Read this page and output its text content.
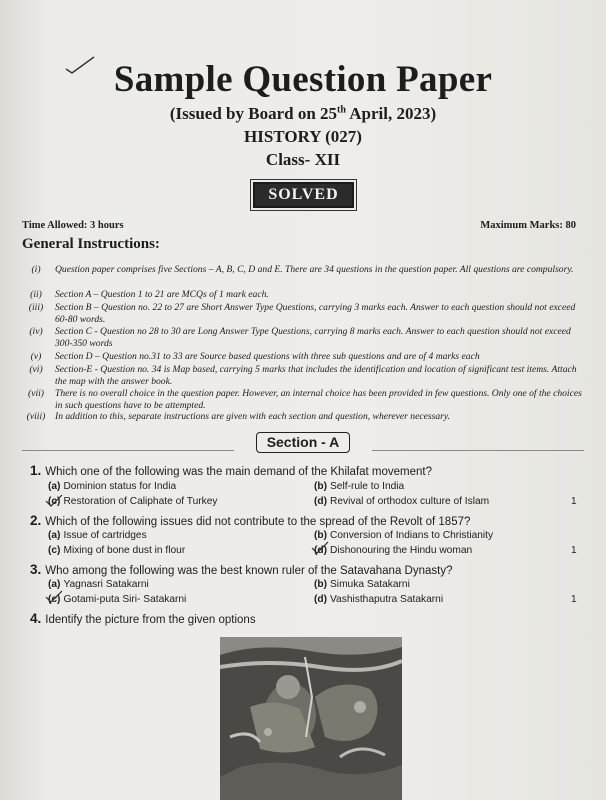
Sample Question Paper
(Issued by Board on 25th April, 2023)
HISTORY (027)
Class- XII
SOLVED
Time Allowed: 3 hours	Maximum Marks: 80
General Instructions:
(i)	Question paper comprises five Sections – A, B, C, D and E. There are 34 questions in the question paper. All questions are compulsory.
(ii)	Section A – Question 1 to 21 are MCQs of 1 mark each.
(iii)	Section B – Question no. 22 to 27 are Short Answer Type Questions, carrying 3 marks each. Answer to each question should not exceed 60-80 words.
(iv)	Section C - Question no 28 to 30 are Long Answer Type Questions, carrying 8 marks each. Answer to each question should not exceed 300-350 words
(v)	Section D – Question no.31 to 33 are Source based questions with three sub questions and are of 4 marks each
(vi)	Section-E - Question no. 34 is Map based, carrying 5 marks that includes the identification and location of significant test items. Attach the map with the answer book.
(vii)	There is no overall choice in the question paper. However, an internal choice has been provided in few questions. Only one of the choices in such questions have to be attempted.
(viii)	In addition to this, separate instructions are given with each section and question, wherever necessary.
Section - A
1. Which one of the following was the main demand of the Khilafat movement?
(a) Dominion status for India	(b) Self-rule to India
(c) Restoration of Caliphate of Turkey	(d) Revival of orthodox culture of Islam	1
2. Which of the following issues did not contribute to the spread of the Revolt of 1857?
(a) Issue of cartridges	(b) Conversion of Indians to Christianity
(c) Mixing of bone dust in flour	(d) Dishonouring the Hindu woman	1
3. Who among the following was the best known ruler of the Satavahana Dynasty?
(a) Yagnasri Satakarni	(b) Simuka Satakarni
(c) Gotami-puta Siri- Satakarni	(d) Vashisthaputra Satakarni	1
4. Identify the picture from the given options
